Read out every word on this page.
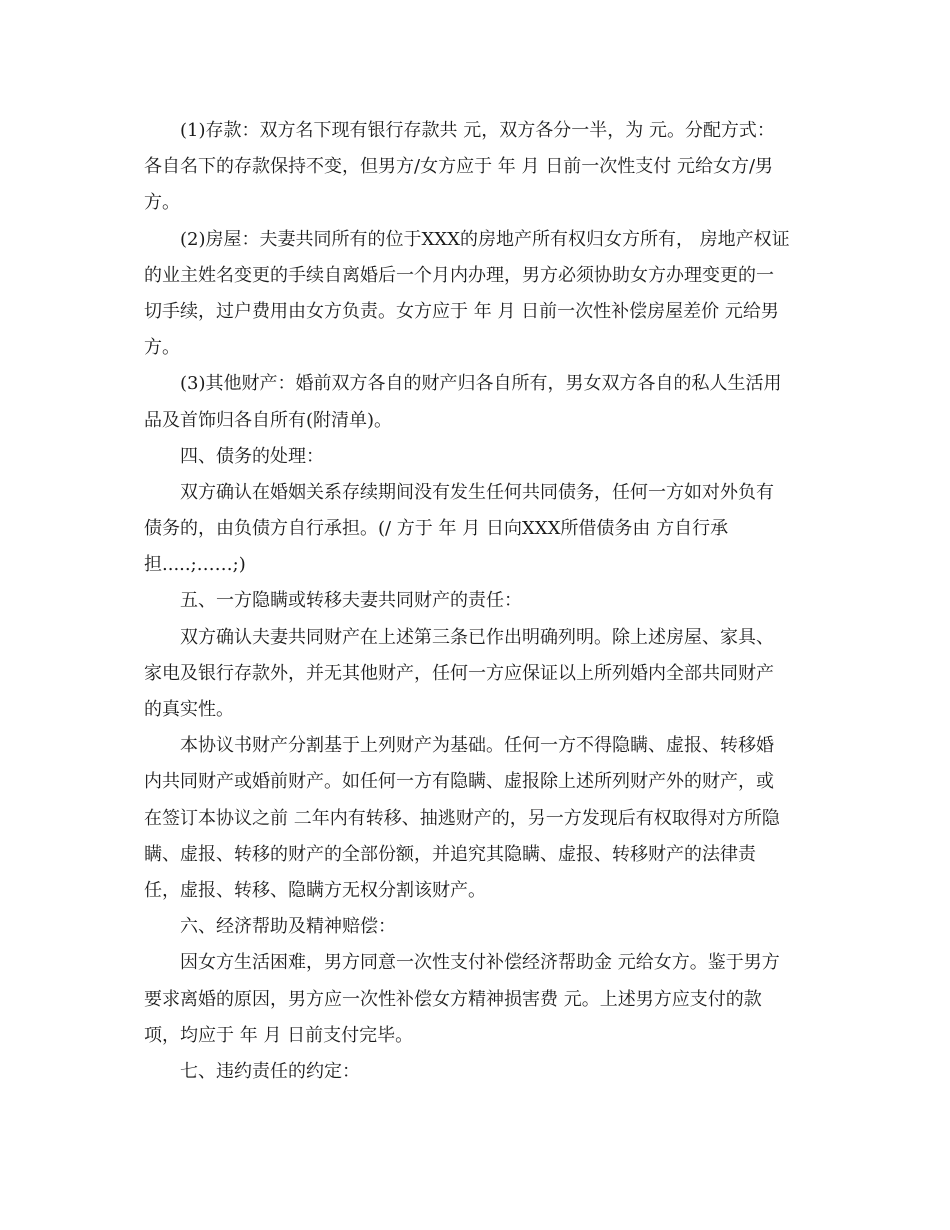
(1)存款：双方名下现有银行存款共 元，双方各分一半，为 元。分配方式：
各自名下的存款保持不变，但男方/女方应于 年 月 日前一次性支付 元给女方/男
方。
(2)房屋：夫妻共同所有的位于XXX的房地产所有权归女方所有， 房地产权证
的业主姓名变更的手续自离婚后一个月内办理，男方必须协助女方办理变更的一
切手续，过户费用由女方负责。女方应于 年 月 日前一次性补偿房屋差价 元给男
方。
(3)其他财产：婚前双方各自的财产归各自所有，男女双方各自的私人生活用
品及首饰归各自所有(附清单)。
四、债务的处理：
双方确认在婚姻关系存续期间没有发生任何共同债务，任何一方如对外负有
债务的，由负债方自行承担。(/ 方于 年 月 日向XXX所借债务由 方自行承
担.....;……;)
五、一方隐瞒或转移夫妻共同财产的责任：
双方确认夫妻共同财产在上述第三条已作出明确列明。除上述房屋、家具、
家电及银行存款外，并无其他财产，任何一方应保证以上所列婚内全部共同财产
的真实性。
本协议书财产分割基于上列财产为基础。任何一方不得隐瞒、虚报、转移婚
内共同财产或婚前财产。如任何一方有隐瞒、虚报除上述所列财产外的财产，或
在签订本协议之前 二年内有转移、抽逃财产的，另一方发现后有权取得对方所隐
瞒、虚报、转移的财产的全部份额，并追究其隐瞒、虚报、转移财产的法律责
任，虚报、转移、隐瞒方无权分割该财产。
六、经济帮助及精神赔偿：
因女方生活困难，男方同意一次性支付补偿经济帮助金 元给女方。鉴于男方
要求离婚的原因，男方应一次性补偿女方精神损害费 元。上述男方应支付的款
项，均应于 年 月 日前支付完毕。
七、违约责任的约定：
